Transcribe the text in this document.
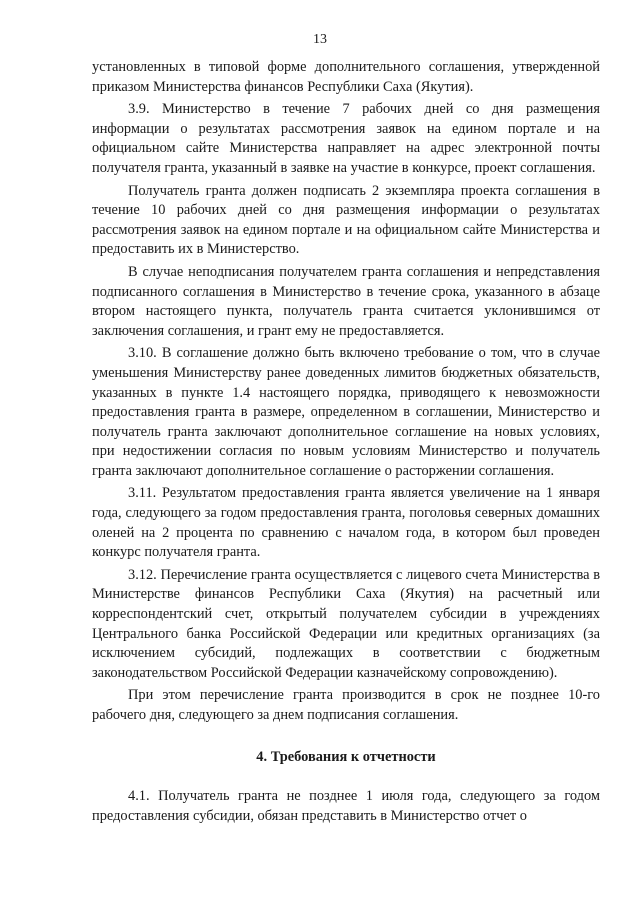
13

установленных в типовой форме дополнительного соглашения, утвержденной приказом Министерства финансов Республики Саха (Якутия).

3.9. Министерство в течение 7 рабочих дней со дня размещения информации о результатах рассмотрения заявок на едином портале и на официальном сайте Министерства направляет на адрес электронной почты получателя гранта, указанный в заявке на участие в конкурсе, проект соглашения.

Получатель гранта должен подписать 2 экземпляра проекта соглашения в течение 10 рабочих дней со дня размещения информации о результатах рассмотрения заявок на едином портале и на официальном сайте Министерства и предоставить их в Министерство.

В случае неподписания получателем гранта соглашения и непредставления подписанного соглашения в Министерство в течение срока, указанного в абзаце втором настоящего пункта, получатель гранта считается уклонившимся от заключения соглашения, и грант ему не предоставляется.

3.10. В соглашение должно быть включено требование о том, что в случае уменьшения Министерству ранее доведенных лимитов бюджетных обязательств, указанных в пункте 1.4 настоящего порядка, приводящего к невозможности предоставления гранта в размере, определенном в соглашении, Министерство и получатель гранта заключают дополнительное соглашение на новых условиях, при недостижении согласия по новым условиям Министерство и получатель гранта заключают дополнительное соглашение о расторжении соглашения.

3.11. Результатом предоставления гранта является увеличение на 1 января года, следующего за годом предоставления гранта, поголовья северных домашних оленей на 2 процента по сравнению с началом года, в котором был проведен конкурс получателя гранта.

3.12. Перечисление гранта осуществляется с лицевого счета Министерства в Министерстве финансов Республики Саха (Якутия) на расчетный или корреспондентский счет, открытый получателем субсидии в учреждениях Центрального банка Российской Федерации или кредитных организациях (за исключением субсидий, подлежащих в соответствии с бюджетным законодательством Российской Федерации казначейскому сопровождению).

При этом перечисление гранта производится в срок не позднее 10-го рабочего дня, следующего за днем подписания соглашения.

4. Требования к отчетности

4.1. Получатель гранта не позднее 1 июля года, следующего за годом предоставления субсидии, обязан представить в Министерство отчет о
